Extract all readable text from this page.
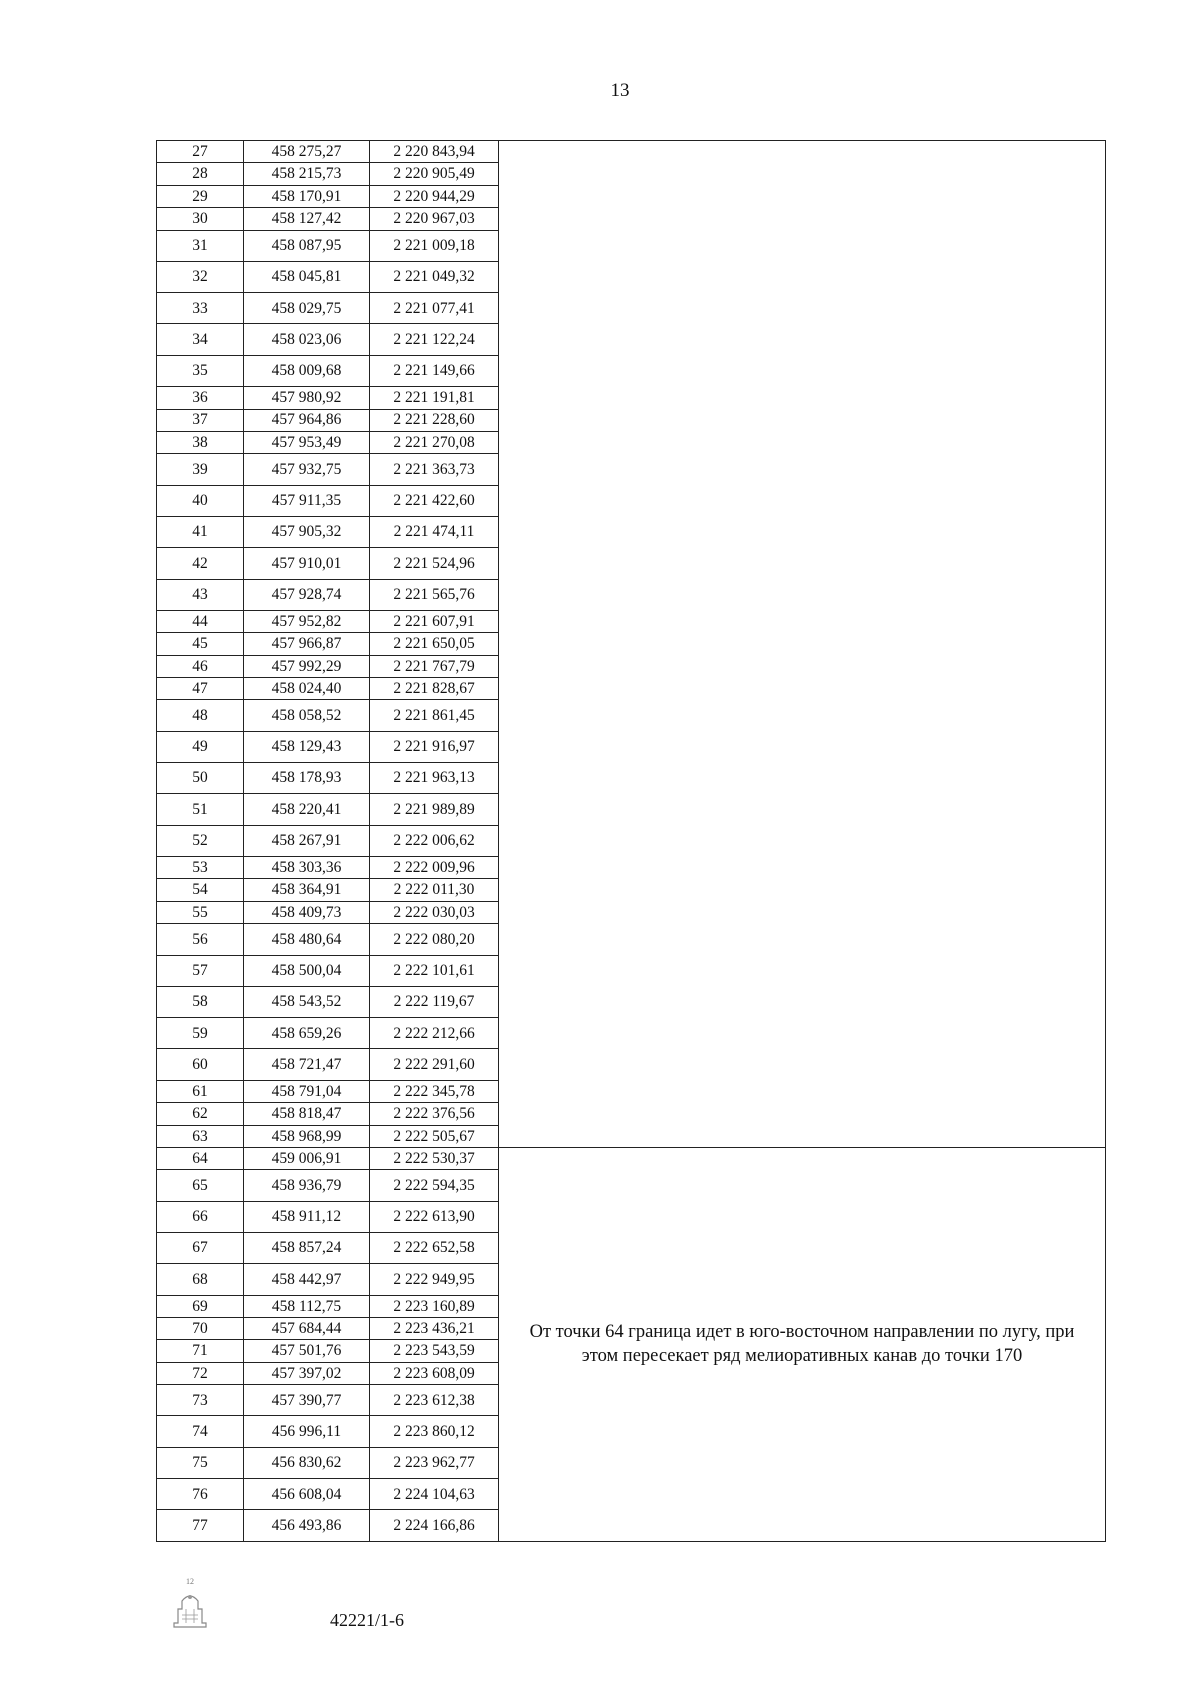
13
27	458 275,27	2 220 843,94	
28	458 215,73	2 220 905,49	
29	458 170,91	2 220 944,29	
30	458 127,42	2 220 967,03	
31	458 087,95	2 221 009,18	
32	458 045,81	2 221 049,32	
33	458 029,75	2 221 077,41	
34	458 023,06	2 221 122,24	
35	458 009,68	2 221 149,66	
36	457 980,92	2 221 191,81	
37	457 964,86	2 221 228,60	
38	457 953,49	2 221 270,08	
39	457 932,75	2 221 363,73	
40	457 911,35	2 221 422,60	
41	457 905,32	2 221 474,11	
42	457 910,01	2 221 524,96	
43	457 928,74	2 221 565,76	
44	457 952,82	2 221 607,91	
45	457 966,87	2 221 650,05	
46	457 992,29	2 221 767,79	
47	458 024,40	2 221 828,67	
48	458 058,52	2 221 861,45	
49	458 129,43	2 221 916,97	
50	458 178,93	2 221 963,13	
51	458 220,41	2 221 989,89	
52	458 267,91	2 222 006,62	
53	458 303,36	2 222 009,96	
54	458 364,91	2 222 011,30	
55	458 409,73	2 222 030,03	
56	458 480,64	2 222 080,20	
57	458 500,04	2 222 101,61	
58	458 543,52	2 222 119,67	
59	458 659,26	2 222 212,66	
60	458 721,47	2 222 291,60	
61	458 791,04	2 222 345,78	
62	458 818,47	2 222 376,56	
63	458 968,99	2 222 505,67	
64	459 006,91	2 222 530,37	От точки 64 граница идет в юго-восточном направлении по лугу, при этом пересекает ряд мелиоративных канав до точки 170
65	458 936,79	2 222 594,35	
66	458 911,12	2 222 613,90	
67	458 857,24	2 222 652,58	
68	458 442,97	2 222 949,95	
69	458 112,75	2 223 160,89	
70	457 684,44	2 223 436,21	
71	457 501,76	2 223 543,59	
72	457 397,02	2 223 608,09	
73	457 390,77	2 223 612,38	
74	456 996,11	2 223 860,12	
75	456 830,62	2 223 962,77	
76	456 608,04	2 224 104,63	
77	456 493,86	2 224 166,86	
12
42221/1-6
